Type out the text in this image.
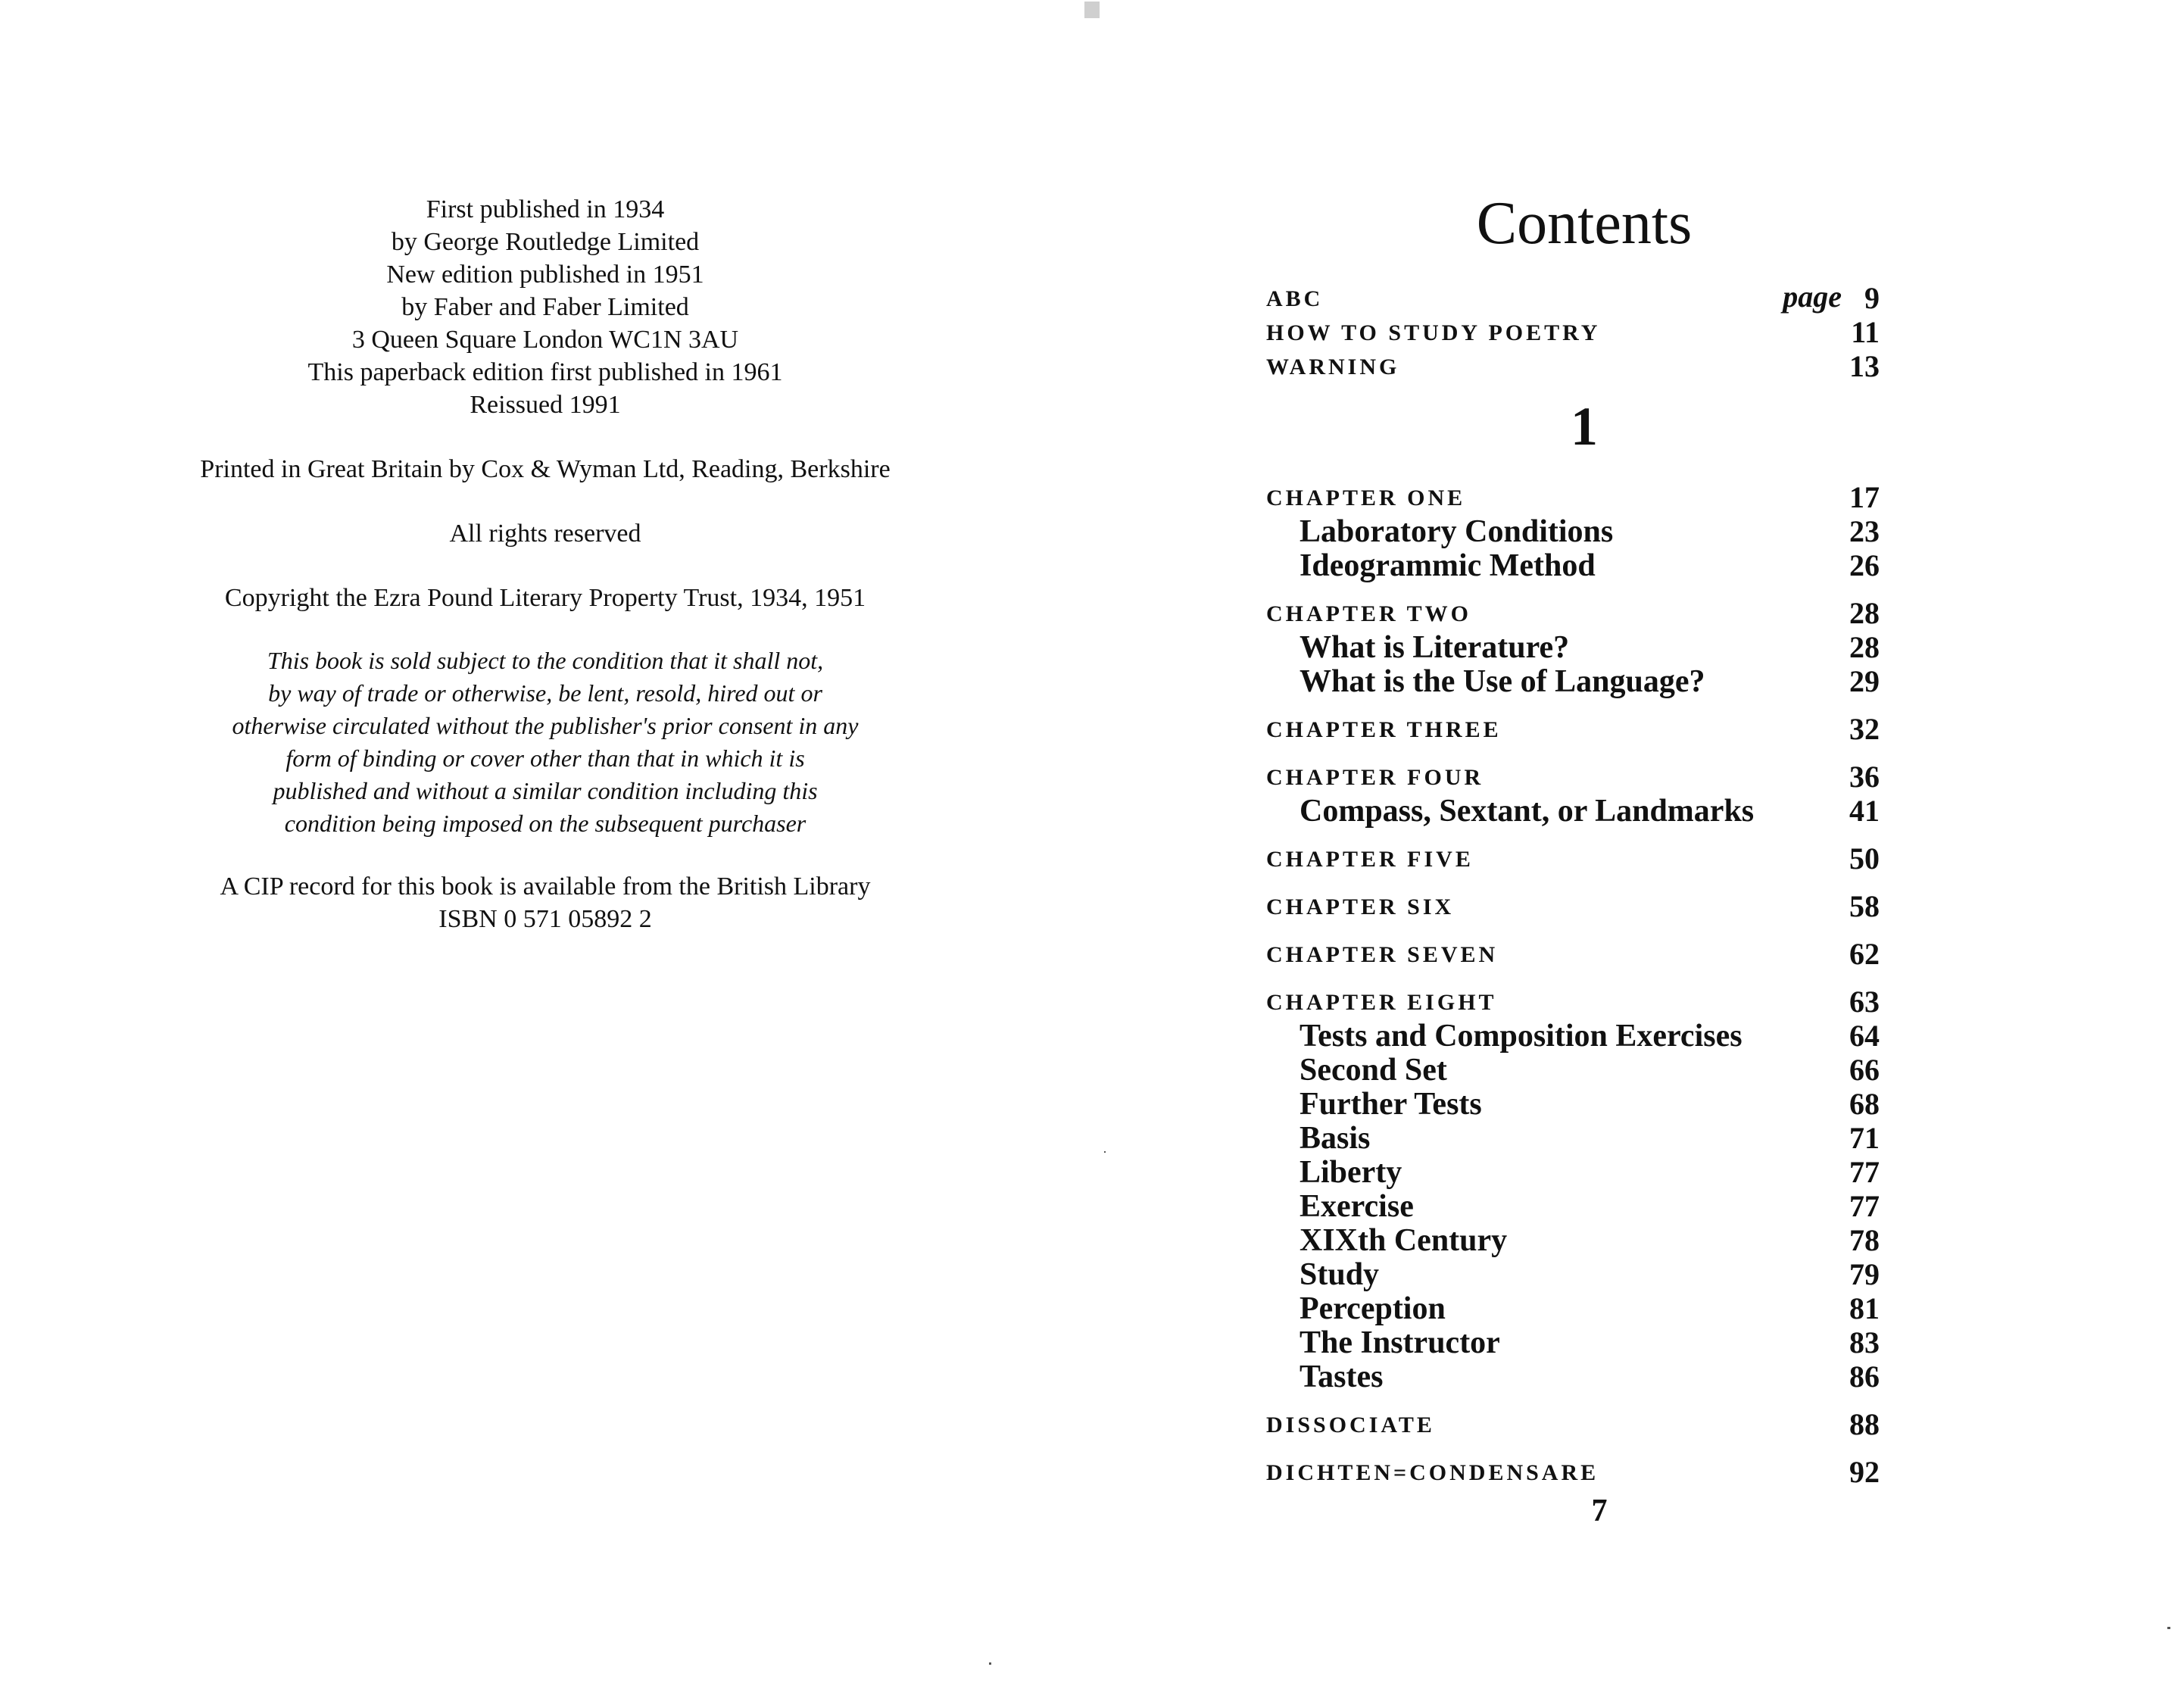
First published in 1934
by George Routledge Limited
New edition published in 1951
by Faber and Faber Limited
3 Queen Square London WC1N 3AU
This paperback edition first published in 1961
Reissued 1991
Printed in Great Britain by Cox & Wyman Ltd, Reading, Berkshire
All rights reserved
Copyright the Ezra Pound Literary Property Trust, 1934, 1951
This book is sold subject to the condition that it shall not,
by way of trade or otherwise, be lent, resold, hired out or
otherwise circulated without the publisher's prior consent in any
form of binding or cover other than that in which it is
published and without a similar condition including this
condition being imposed on the subsequent purchaser
A CIP record for this book is available from the British Library
ISBN 0 571 05892 2
Contents
ABC	page 9
HOW TO STUDY POETRY	11
WARNING	13
1
CHAPTER ONE	17
Laboratory Conditions	23
Ideogrammic Method	26
CHAPTER TWO	28
What is Literature?	28
What is the Use of Language?	29
CHAPTER THREE	32
CHAPTER FOUR	36
Compass, Sextant, or Landmarks	41
CHAPTER FIVE	50
CHAPTER SIX	58
CHAPTER SEVEN	62
CHAPTER EIGHT	63
Tests and Composition Exercises	64
Second Set	66
Further Tests	68
Basis	71
Liberty	77
Exercise	77
XIXth Century	78
Study	79
Perception	81
The Instructor	83
Tastes	86
DISSOCIATE	88
DICHTEN=CONDENSARE	92
7
